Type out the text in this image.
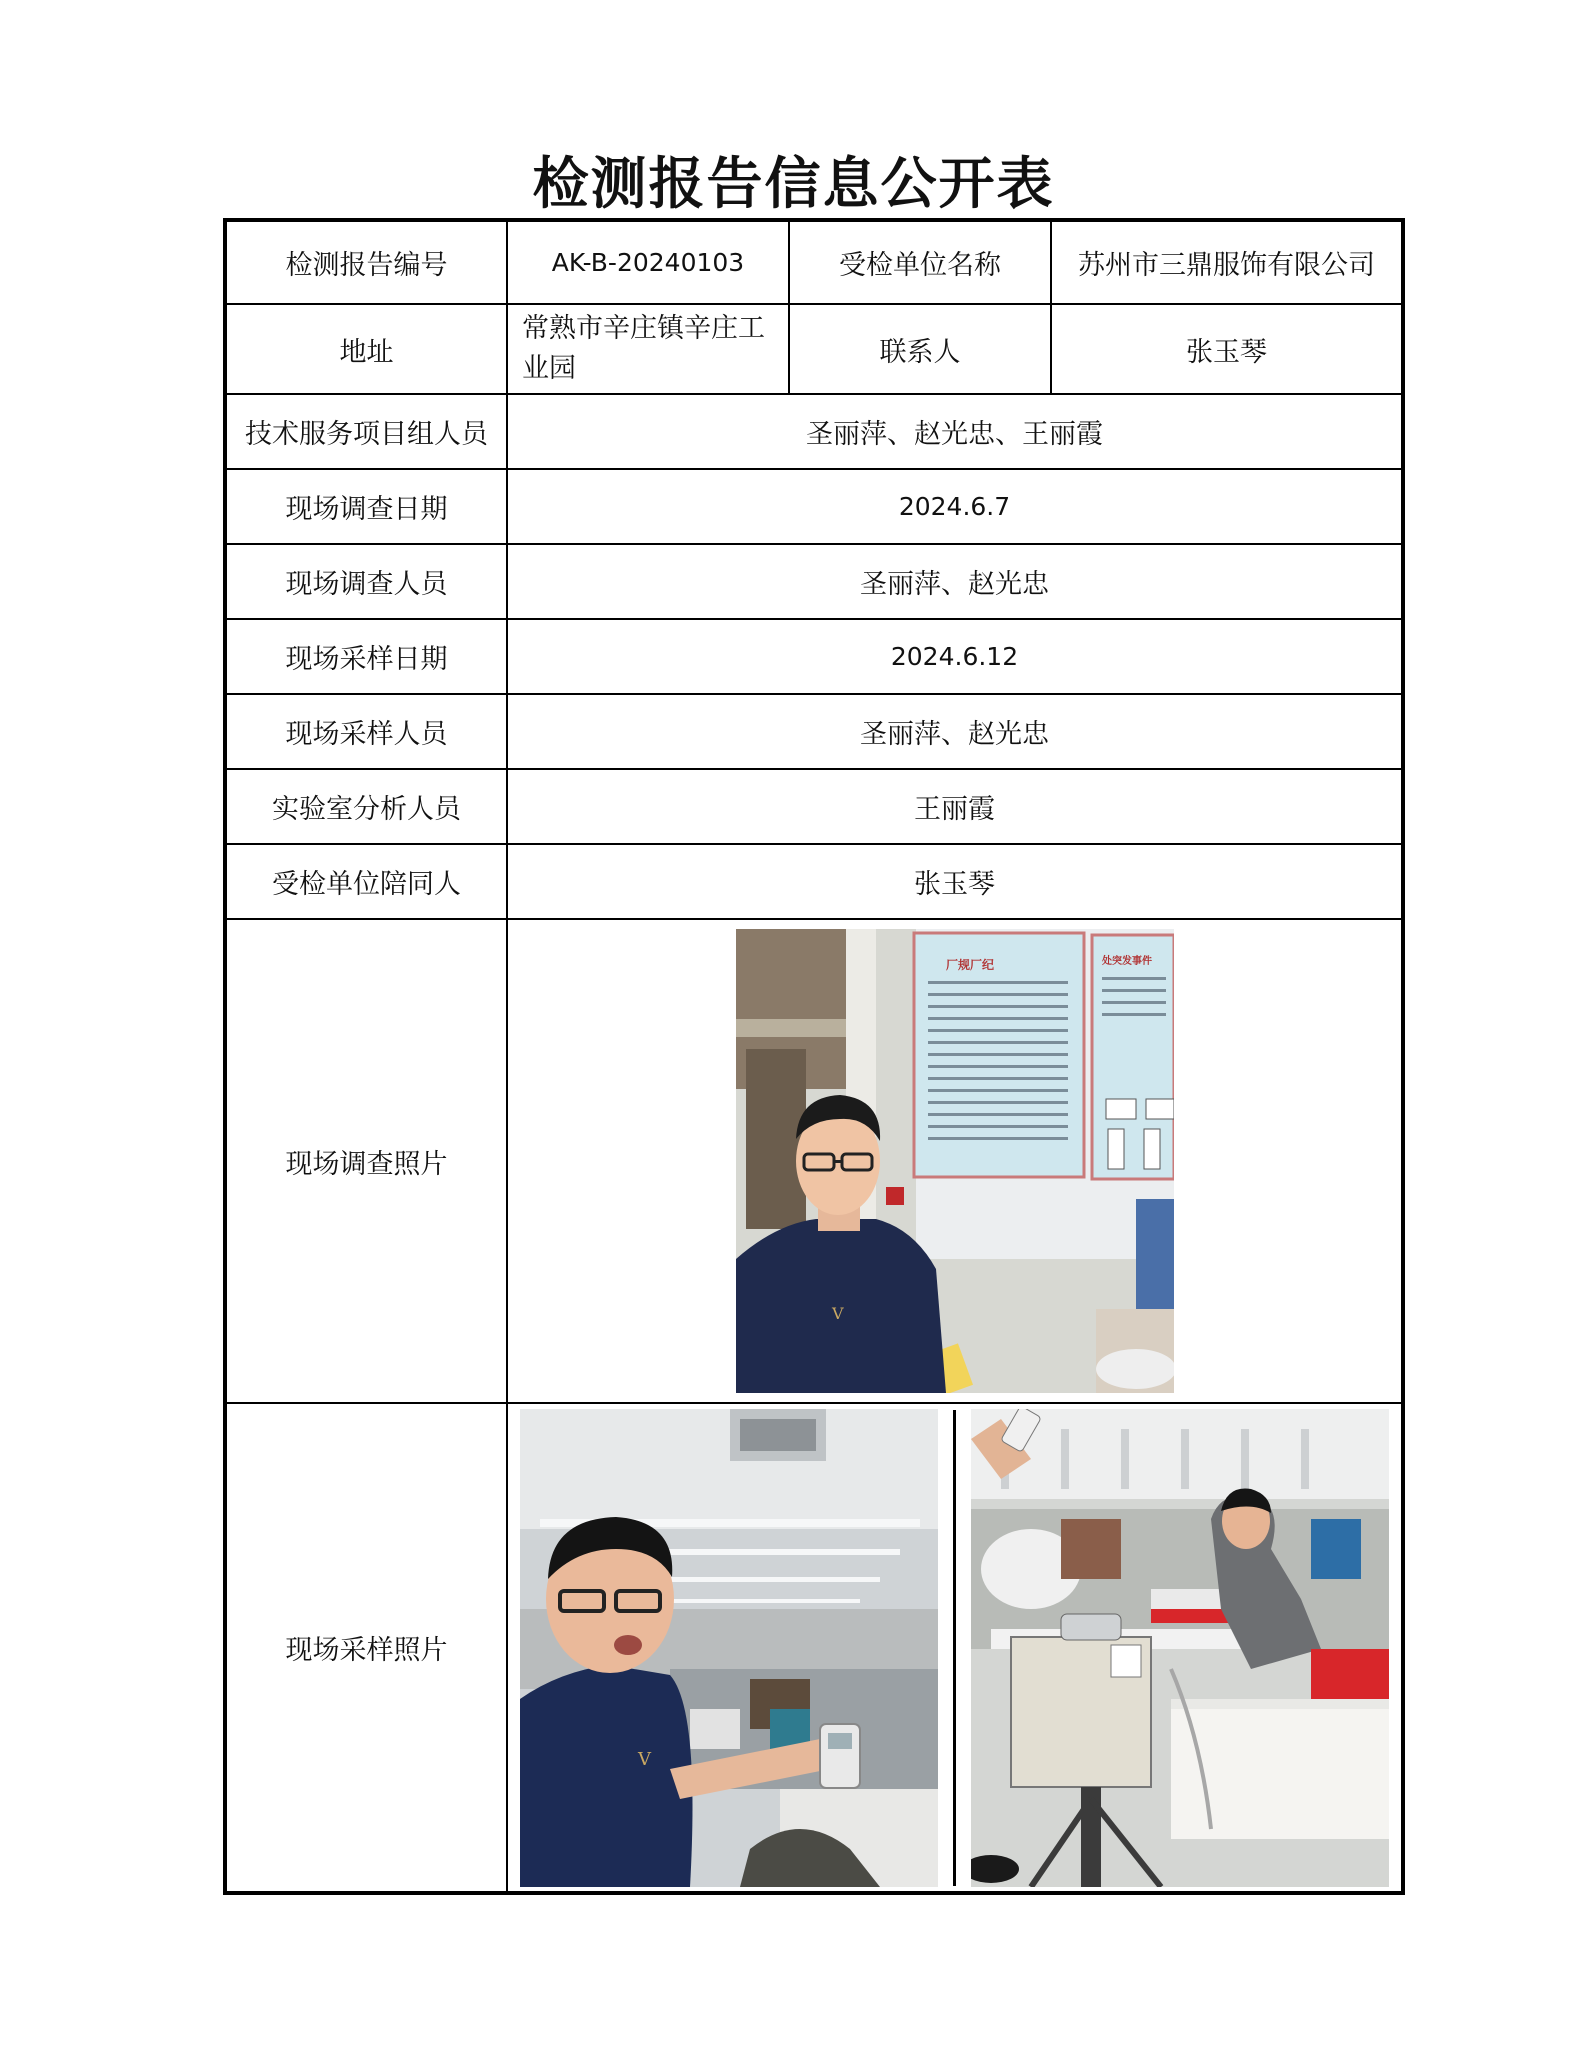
检测报告信息公开表
检测报告编号	AK-B-20240103	受检单位名称	苏州市三鼎服饰有限公司
地址	常熟市辛庄镇辛庄工业园	联系人	张玉琴
技术服务项目组人员	圣丽萍、赵光忠、王丽霞		
现场调查日期	2024.6.7		
现场调查人员	圣丽萍、赵光忠		
现场采样日期	2024.6.12		
现场采样人员	圣丽萍、赵光忠		
实验室分析人员	王丽霞		
受检单位陪同人	张玉琴		
现场调查照片	厂规厂纪 处突发事件
V		

现场采样照片	V		
